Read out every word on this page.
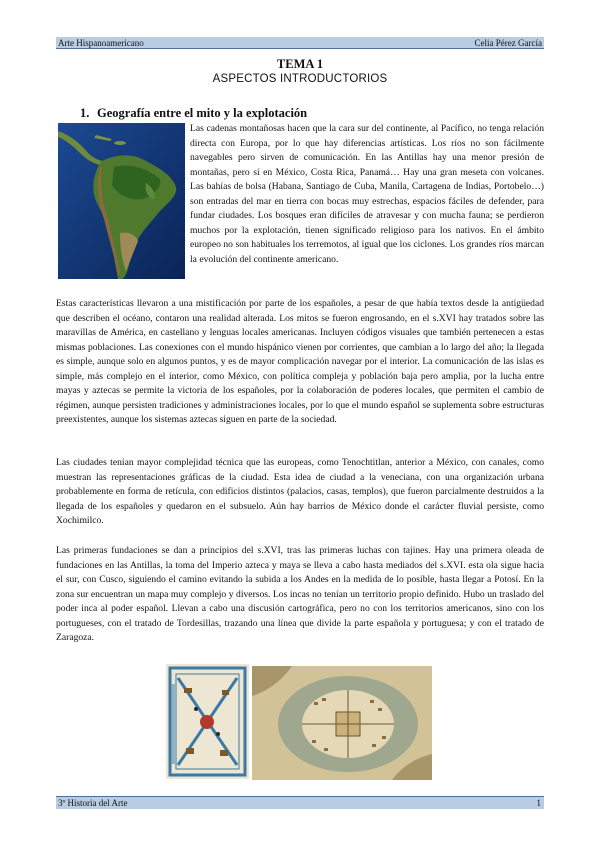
Arte Hispanoamericano	Celia Pérez García
TEMA 1
ASPECTOS INTRODUCTORIOS
1. Geografía entre el mito y la explotación
Las cadenas montañosas hacen que la cara sur del continente, al Pacífico, no tenga relación directa con Europa, por lo que hay diferencias artísticas. Los ríos no son fácilmente navegables pero sirven de comunicación. En las Antillas hay una menor presión de montañas, pero sí en México, Costa Rica, Panamá… Hay una gran meseta con volcanes. Las bahías de bolsa (Habana, Santiago de Cuba, Manila, Cartagena de Indias, Portobelo…) son entradas del mar en tierra con bocas muy estrechas, espacios fáciles de defender, para fundar ciudades. Los bosques eran difíciles de atravesar y con mucha fauna; se perdieron muchos por la explotación, tienen significado religioso para los nativos. En el ámbito europeo no son habituales los terremotos, al igual que los ciclones. Los grandes ríos marcan la evolución del continente americano.
Estas características llevaron a una mistificación por parte de los españoles, a pesar de que había textos desde la antigüedad que describen el océano, contaron una realidad alterada. Los mitos se fueron engrosando, en el s.XVI hay tratados sobre las maravillas de América, en castellano y lenguas locales americanas. Incluyen códigos visuales que también pertenecen a estas mismas poblaciones. Las conexiones con el mundo hispánico vienen por corrientes, que cambian a lo largo del año; la llegada es simple, aunque solo en algunos puntos, y es de mayor complicación navegar por el interior. La comunicación de las islas es simple, más complejo en el interior, como México, con política compleja y población baja pero amplia, por la lucha entre mayas y aztecas se permite la victoria de los españoles, por la colaboración de poderes locales, que permiten el cambio de régimen, aunque persisten tradiciones y administraciones locales, por lo que el mundo español se suplementa sobre estructuras preexistentes, aunque los sistemas aztecas siguen en parte de la sociedad.
Las ciudades tenían mayor complejidad técnica que las europeas, como Tenochtitlan, anterior a México, con canales, como muestran las representaciones gráficas de la ciudad. Esta idea de ciudad a la veneciana, con una organización urbana probablemente en forma de retícula, con edificios distintos (palacios, casas, templos), que fueron parcialmente destruidos a la llegada de los españoles y quedaron en el subsuelo. Aún hay barrios de México donde el carácter fluvial persiste, como Xochimilco.
Las primeras fundaciones se dan a principios del s.XVI, tras las primeras luchas con tajines. Hay una primera oleada de fundaciones en las Antillas, la toma del Imperio azteca y maya se lleva a cabo hasta mediados del s.XVI. esta ola sigue hacia el sur, con Cusco, siguiendo el camino evitando la subida a los Andes en la medida de lo posible, hasta llegar a Potosí. En la zona sur encuentran un mapa muy complejo y diversos. Los incas no tenían un territorio propio definido. Hubo un traslado del poder inca al poder español. Llevan a cabo una discusión cartográfica, pero no con los territorios americanos, sino con los portugueses, con el tratado de Tordesillas, trazando una línea que divide la parte española y portuguesa; y con el tratado de Zaragoza.
3º Historia del Arte	1
